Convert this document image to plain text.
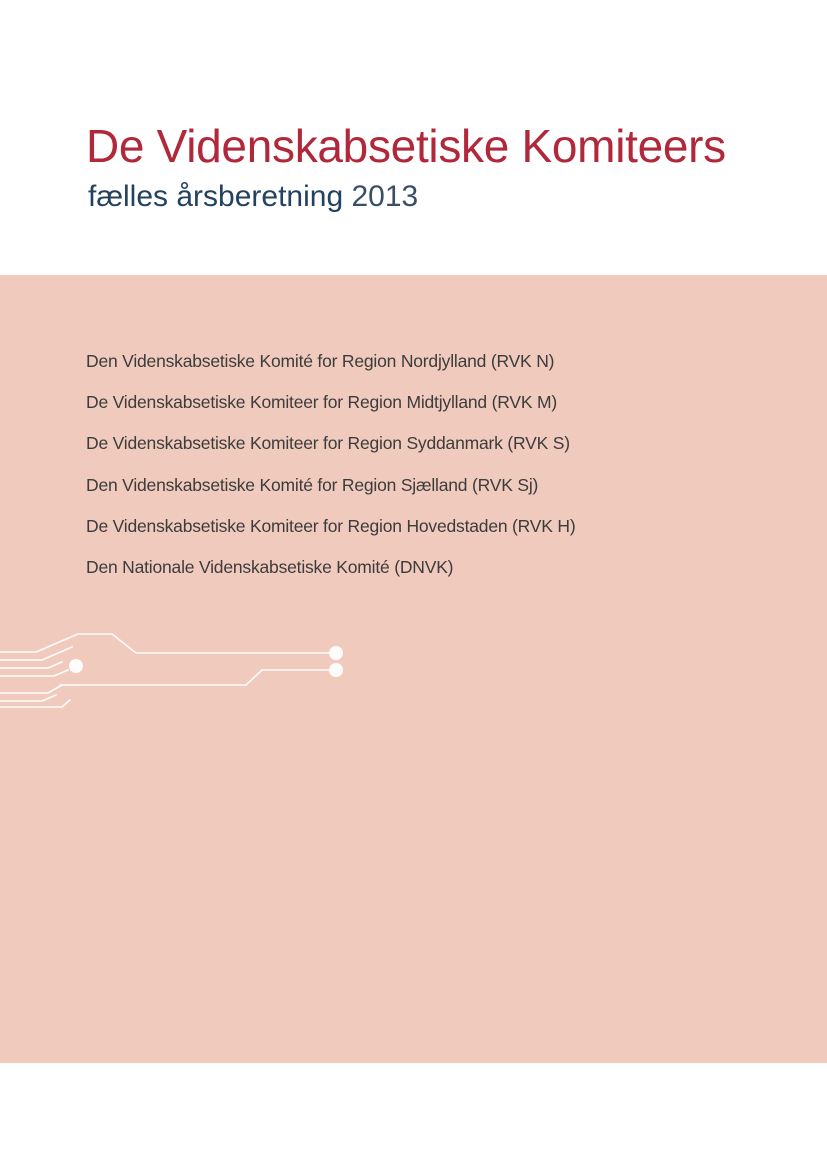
De Videnskabsetiske Komiteers
fælles årsberetning 2013
Den Videnskabsetiske Komité for Region Nordjylland (RVK N)
De Videnskabsetiske Komiteer for Region Midtjylland (RVK M)
De Videnskabsetiske Komiteer for Region Syddanmark (RVK S)
Den Videnskabsetiske Komité for Region Sjælland (RVK Sj)
De Videnskabsetiske Komiteer for Region Hovedstaden (RVK H)
Den Nationale Videnskabsetiske Komité (DNVK)
